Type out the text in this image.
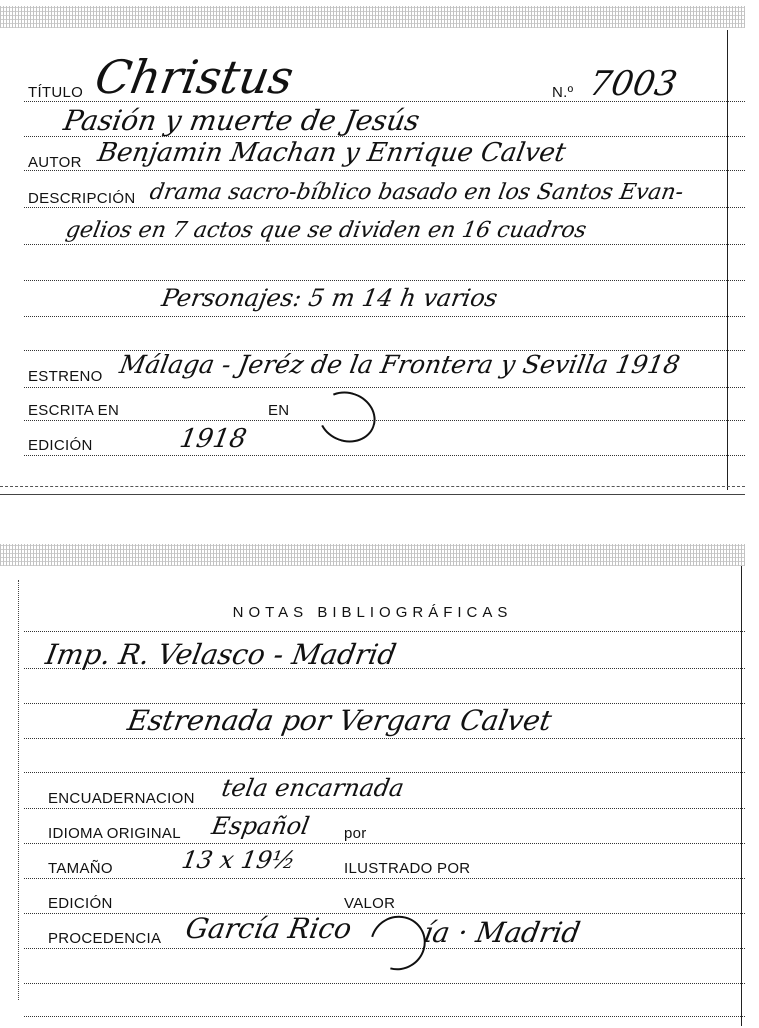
TÍTULO Christus	N.º 7003
Pasión y muerte de Jesús
AUTOR Benjamin Machan y Enrique Calvet
DESCRIPCIÓN drama sacro-bíblico basado en los Santos Evan-
gelios en 7 actos que se dividen en 16 cuadros
Personajes: 5 m 14 h varios
ESTRENO Málaga - Jeréz de la Frontera y Sevilla 1918
ESCRITA EN	EN
EDICIÓN	1918
NOTAS BIBLIOGRÁFICAS
Imp. R. Velasco - Madrid
Estrenada por Vergara Calvet
ENCUADERNACION tela encarnada
IDIOMA ORIGINAL Español por
TAMAÑO	13 x 19½	ILUSTRADO POR
EDICIÓN	VALOR
PROCEDENCIA García Rico ía · Madrid
